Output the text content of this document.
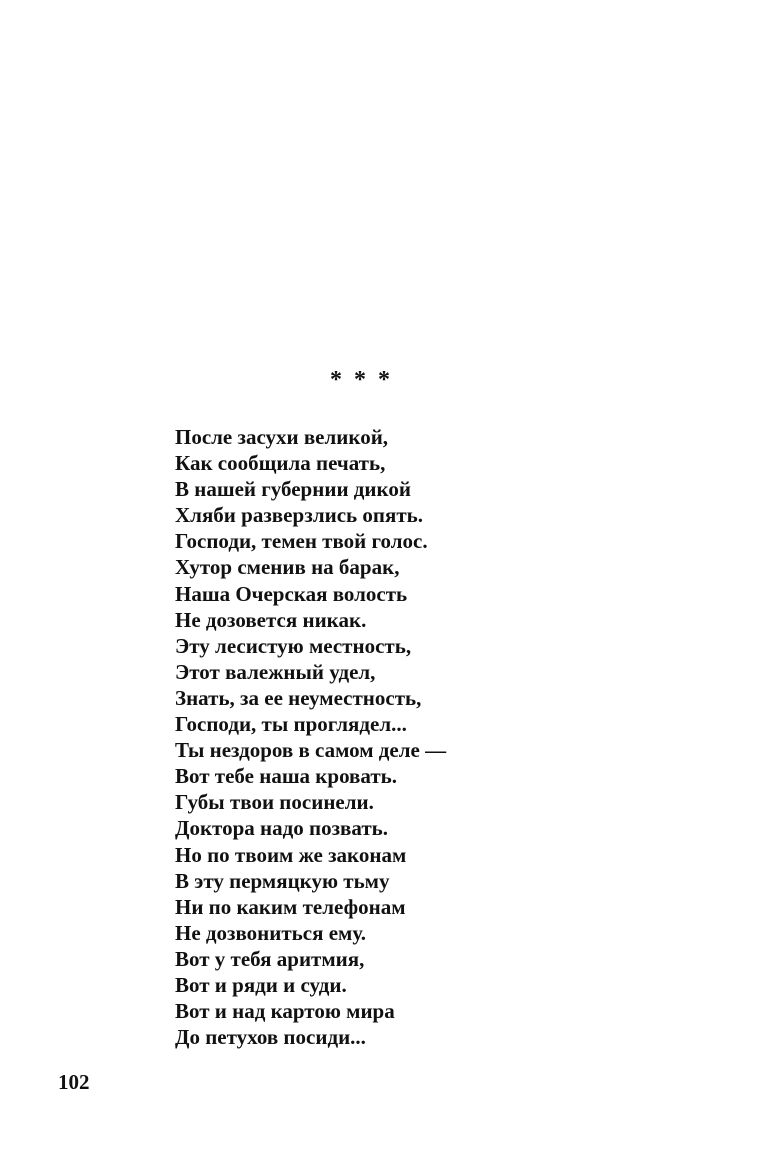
* * *
После засухи великой,
Как сообщила печать,
В нашей губернии дикой
Хляби разверзлись опять.
Господи, темен твой голос.
Хутор сменив на барак,
Наша Очерская волость
Не дозовется никак.
Эту лесистую местность,
Этот валежный удел,
Знать, за ее неуместность,
Господи, ты проглядел...
Ты нездоров в самом деле —
Вот тебе наша кровать.
Губы твои посинели.
Доктора надо позвать.
Но по твоим же законам
В эту пермяцкую тьму
Ни по каким телефонам
Не дозвониться ему.
Вот у тебя аритмия,
Вот и ряди и суди.
Вот и над картою мира
До петухов посиди...
102
